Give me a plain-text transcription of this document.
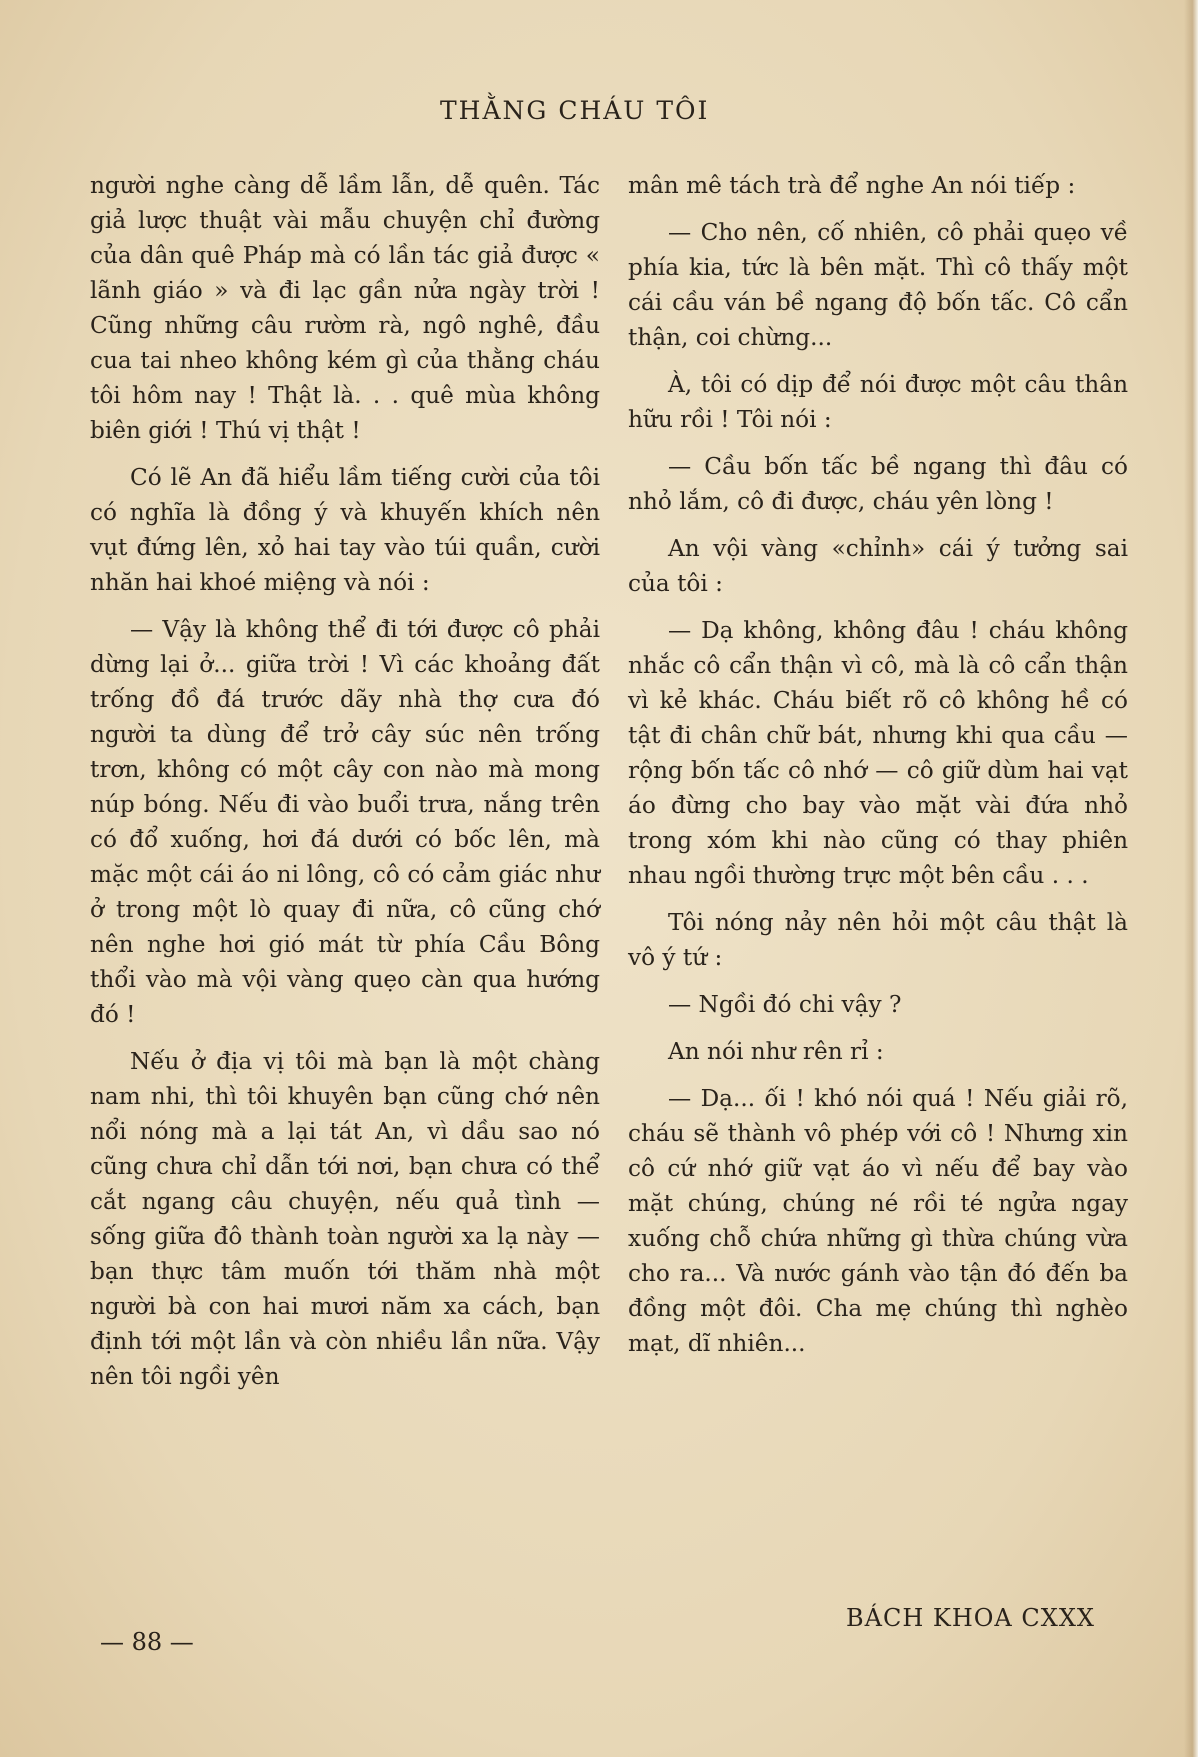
THẰNG CHÁU TÔI

người nghe càng dễ lầm lẫn, dễ quên. Tác giả lược thuật vài mẫu chuyện chỉ đường của dân quê Pháp mà có lần tác giả được « lãnh giáo » và đi lạc gần nửa ngày trời ! Cũng những câu rườm rà, ngô nghê, đầu cua tai nheo không kém gì của thằng cháu tôi hôm nay ! Thật là. . . quê mùa không biên giới ! Thú vị thật !

Có lẽ An đã hiểu lầm tiếng cười của tôi có nghĩa là đồng ý và khuyến khích nên vụt đứng lên, xỏ hai tay vào túi quần, cười nhăn hai khoé miệng và nói :

— Vậy là không thể đi tới được cô phải dừng lại ở... giữa trời ! Vì các khoảng đất trống đồ đá trước dãy nhà thợ cưa đó người ta dùng để trở cây súc nên trống trơn, không có một cây con nào mà mong núp bóng. Nếu đi vào buổi trưa, nắng trên có đổ xuống, hơi đá dưới có bốc lên, mà mặc một cái áo ni lông, cô có cảm giác như ở trong một lò quay đi nữa, cô cũng chớ nên nghe hơi gió mát từ phía Cầu Bông thổi vào mà vội vàng quẹo càn qua hướng đó !

Nếu ở địa vị tôi mà bạn là một chàng nam nhi, thì tôi khuyên bạn cũng chớ nên nổi nóng mà a lại tát An, vì dầu sao nó cũng chưa chỉ dẫn tới nơi, bạn chưa có thể cắt ngang câu chuyện, nếu quả tình — sống giữa đô thành toàn người xa lạ này — bạn thực tâm muốn tới thăm nhà một người bà con hai mươi năm xa cách, bạn định tới một lần và còn nhiều lần nữa. Vậy nên tôi ngồi yên

mân mê tách trà để nghe An nói tiếp :

— Cho nên, cố nhiên, cô phải quẹo về phía kia, tức là bên mặt. Thì cô thấy một cái cầu ván bề ngang độ bốn tấc. Cô cẩn thận, coi chừng...

À, tôi có dịp để nói được một câu thân hữu rồi ! Tôi nói :

— Cầu bốn tấc bề ngang thì đâu có nhỏ lắm, cô đi được, cháu yên lòng !

An vội vàng «chỉnh» cái ý tưởng sai của tôi :

— Dạ không, không đâu ! cháu không nhắc cô cẩn thận vì cô, mà là cô cẩn thận vì kẻ khác. Cháu biết rõ cô không hề có tật đi chân chữ bát, nhưng khi qua cầu — rộng bốn tấc cô nhớ — cô giữ dùm hai vạt áo đừng cho bay vào mặt vài đứa nhỏ trong xóm khi nào cũng có thay phiên nhau ngồi thường trực một bên cầu . . .

Tôi nóng nảy nên hỏi một câu thật là vô ý tứ :

— Ngồi đó chi vậy ?

An nói như rên rỉ :

— Dạ... ối ! khó nói quá ! Nếu giải rõ, cháu sẽ thành vô phép với cô ! Nhưng xin cô cứ nhớ giữ vạt áo vì nếu để bay vào mặt chúng, chúng né rồi té ngửa ngay xuống chỗ chứa những gì thừa chúng vừa cho ra... Và nước gánh vào tận đó đến ba đồng một đôi. Cha mẹ chúng thì nghèo mạt, dĩ nhiên...

— 88 —
BÁCH KHOA CXXX
